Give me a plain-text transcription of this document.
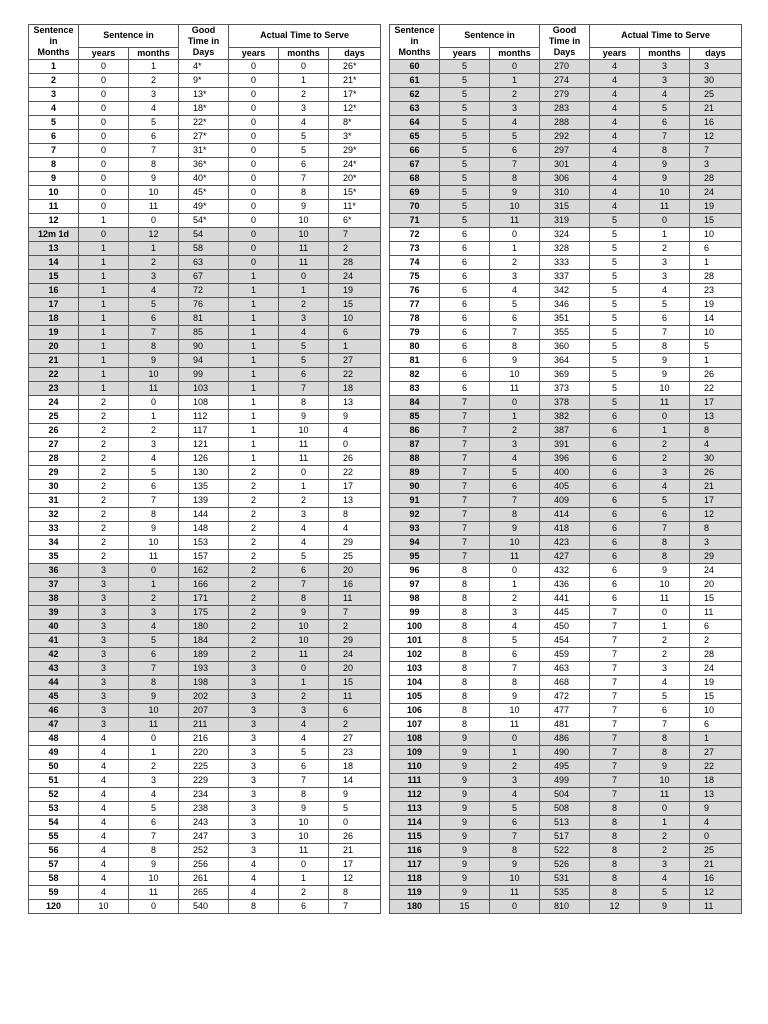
Sentence	Sentence in		Good	Actual Time to Serve		
in			Time in			
Months	years	months	Days	years	months	days
1	0	1	4*	0	0	26*
2	0	2	9*	0	1	21*
3	0	3	13*	0	2	17*
4	0	4	18*	0	3	12*
5	0	5	22*	0	4	8*
6	0	6	27*	0	5	3*
7	0	7	31*	0	5	29*
8	0	8	36*	0	6	24*
9	0	9	40*	0	7	20*
10	0	10	45*	0	8	15*
11	0	11	49*	0	9	11*
12	1	0	54*	0	10	6*
12m 1d	0	12	54	0	10	7
13	1	1	58	0	11	2
14	1	2	63	0	11	28
15	1	3	67	1	0	24
16	1	4	72	1	1	19
17	1	5	76	1	2	15
18	1	6	81	1	3	10
19	1	7	85	1	4	6
20	1	8	90	1	5	1
21	1	9	94	1	5	27
22	1	10	99	1	6	22
23	1	11	103	1	7	18
24	2	0	108	1	8	13
25	2	1	112	1	9	9
26	2	2	117	1	10	4
27	2	3	121	1	11	0
28	2	4	126	1	11	26
29	2	5	130	2	0	22
30	2	6	135	2	1	17
31	2	7	139	2	2	13
32	2	8	144	2	3	8
33	2	9	148	2	4	4
34	2	10	153	2	4	29
35	2	11	157	2	5	25
36	3	0	162	2	6	20
37	3	1	166	2	7	16
38	3	2	171	2	8	11
39	3	3	175	2	9	7
40	3	4	180	2	10	2
41	3	5	184	2	10	29
42	3	6	189	2	11	24
43	3	7	193	3	0	20
44	3	8	198	3	1	15
45	3	9	202	3	2	11
46	3	10	207	3	3	6
47	3	11	211	3	4	2
48	4	0	216	3	4	27
49	4	1	220	3	5	23
50	4	2	225	3	6	18
51	4	3	229	3	7	14
52	4	4	234	3	8	9
53	4	5	238	3	9	5
54	4	6	243	3	10	0
55	4	7	247	3	10	26
56	4	8	252	3	11	21
57	4	9	256	4	0	17
58	4	10	261	4	1	12
59	4	11	265	4	2	8
120	10	0	540	8	6	7
Sentence	Sentence in		Good	Actual Time to Serve		
in			Time in			
Months	years	months	Days	years	months	days
60	5	0	270	4	3	3
61	5	1	274	4	3	30
62	5	2	279	4	4	25
63	5	3	283	4	5	21
64	5	4	288	4	6	16
65	5	5	292	4	7	12
66	5	6	297	4	8	7
67	5	7	301	4	9	3
68	5	8	306	4	9	28
69	5	9	310	4	10	24
70	5	10	315	4	11	19
71	5	11	319	5	0	15
72	6	0	324	5	1	10
73	6	1	328	5	2	6
74	6	2	333	5	3	1
75	6	3	337	5	3	28
76	6	4	342	5	4	23
77	6	5	346	5	5	19
78	6	6	351	5	6	14
79	6	7	355	5	7	10
80	6	8	360	5	8	5
81	6	9	364	5	9	1
82	6	10	369	5	9	26
83	6	11	373	5	10	22
84	7	0	378	5	11	17
85	7	1	382	6	0	13
86	7	2	387	6	1	8
87	7	3	391	6	2	4
88	7	4	396	6	2	30
89	7	5	400	6	3	26
90	7	6	405	6	4	21
91	7	7	409	6	5	17
92	7	8	414	6	6	12
93	7	9	418	6	7	8
94	7	10	423	6	8	3
95	7	11	427	6	8	29
96	8	0	432	6	9	24
97	8	1	436	6	10	20
98	8	2	441	6	11	15
99	8	3	445	7	0	11
100	8	4	450	7	1	6
101	8	5	454	7	2	2
102	8	6	459	7	2	28
103	8	7	463	7	3	24
104	8	8	468	7	4	19
105	8	9	472	7	5	15
106	8	10	477	7	6	10
107	8	11	481	7	7	6
108	9	0	486	7	8	1
109	9	1	490	7	8	27
110	9	2	495	7	9	22
111	9	3	499	7	10	18
112	9	4	504	7	11	13
113	9	5	508	8	0	9
114	9	6	513	8	1	4
115	9	7	517	8	2	0
116	9	8	522	8	2	25
117	9	9	526	8	3	21
118	9	10	531	8	4	16
119	9	11	535	8	5	12
180	15	0	810	12	9	11
